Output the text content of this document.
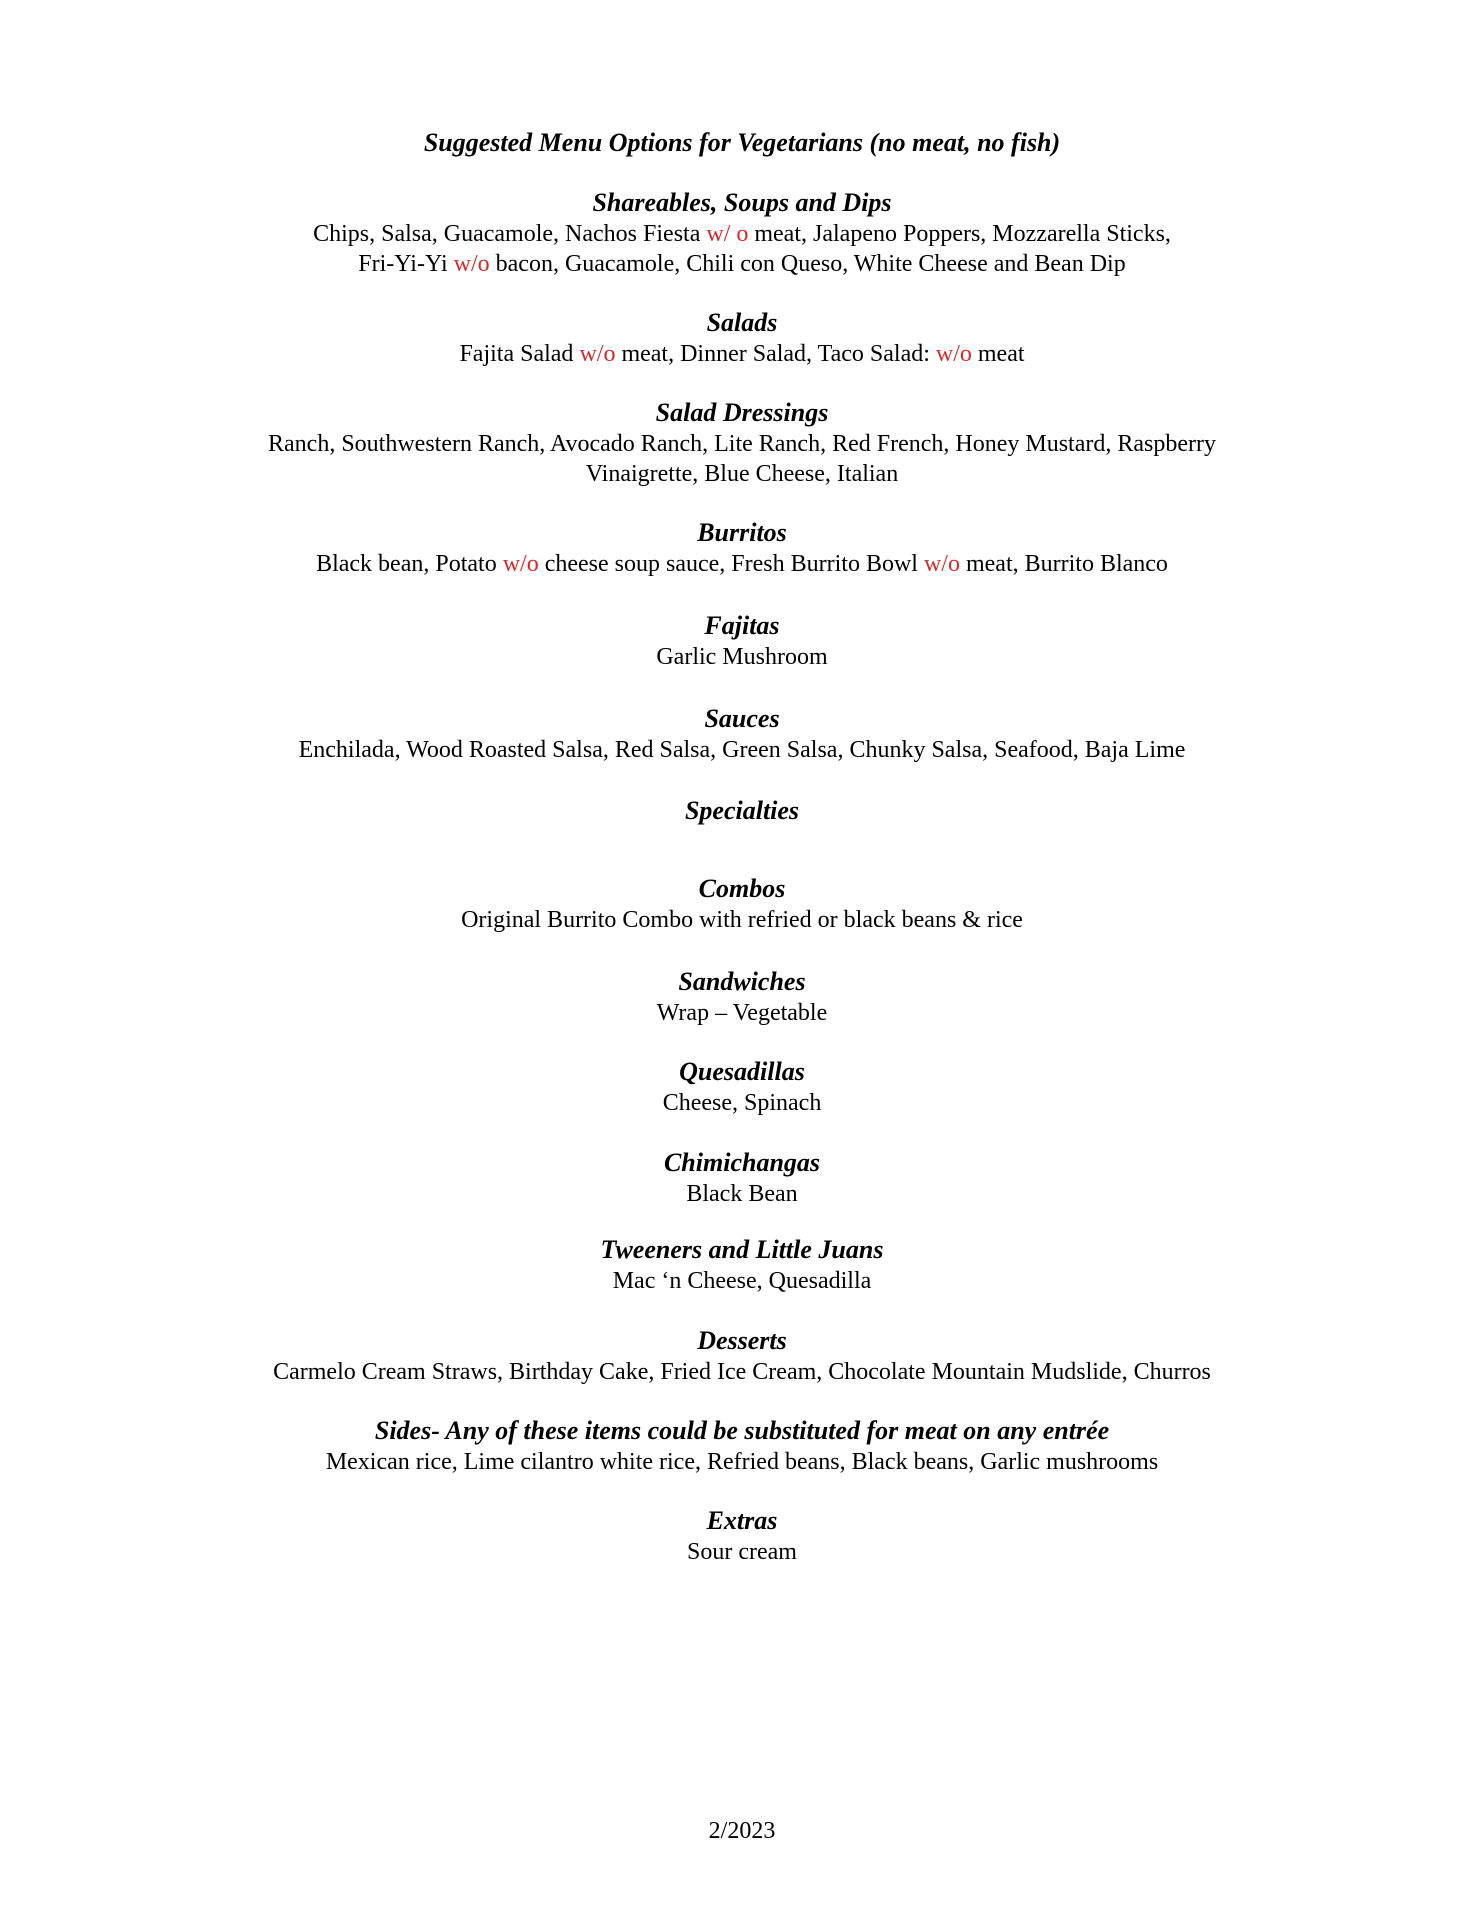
Suggested Menu Options for Vegetarians (no meat, no fish)

Shareables, Soups and Dips

Chips, Salsa, Guacamole, Nachos Fiesta w/ o meat, Jalapeno Poppers, Mozzarella Sticks,
Fri-Yi-Yi w/o bacon, Guacamole, Chili con Queso, White Cheese and Bean Dip

Salads

Fajita Salad w/o meat, Dinner Salad, Taco Salad: w/o meat

Salad Dressings

Ranch, Southwestern Ranch, Avocado Ranch, Lite Ranch, Red French, Honey Mustard, Raspberry
Vinaigrette, Blue Cheese, Italian

Burritos

Black bean, Potato w/o cheese soup sauce, Fresh Burrito Bowl w/o meat, Burrito Blanco

Fajitas

Garlic Mushroom

Sauces

Enchilada, Wood Roasted Salsa, Red Salsa, Green Salsa, Chunky Salsa, Seafood, Baja Lime

Specialties

Combos

Original Burrito Combo with refried or black beans & rice

Sandwiches

Wrap – Vegetable

Quesadillas

Cheese, Spinach

Chimichangas

Black Bean

Tweeners and Little Juans

Mac ‘n Cheese, Quesadilla

Desserts

Carmelo Cream Straws, Birthday Cake, Fried Ice Cream, Chocolate Mountain Mudslide, Churros

Sides- Any of these items could be substituted for meat on any entrée

Mexican rice, Lime cilantro white rice, Refried beans, Black beans, Garlic mushrooms

Extras

Sour cream

2/2023
